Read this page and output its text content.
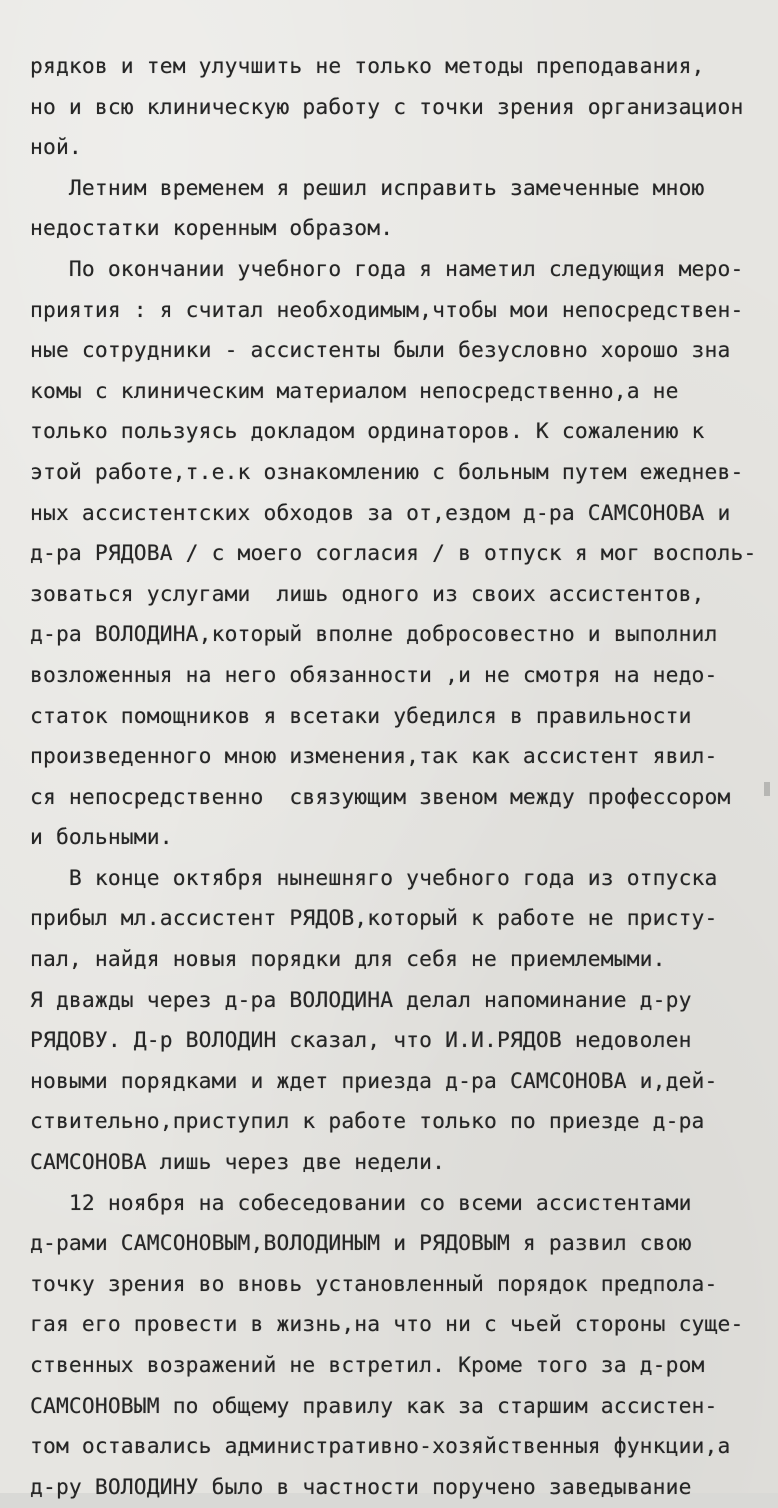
рядков и тем улучшить не только методы преподавания,
но и всю клиническую работу с точки зрения организацион
ной.
Летним временем я решил исправить замеченные мною
недостатки коренным образом.
По окончании учебного года я наметил следующия мерo-
приятия : я считал необходимым,чтобы мои непосредствен-
ные сотрудники - ассистенты были безусловно хорошо зна
комы с клиническим материалом непосредственно,а не
только пользуясь докладом ординаторов. К сожалению к
этой работе,т.е.к ознакомлению с больным путем ежеднев-
ных ассистентских обходов за от,ездом д-ра САМСОНОВА и
д-ра РЯДОВА / с моего согласия / в отпуск я мог восполь-
зоваться услугами  лишь одного из своих ассистентов,
д-ра ВОЛОДИНА,который вполне добросовестно и выполнил
возложенныя на него обязанности ,и не смотря на недо-
статок помощников я всетаки убедился в правильности
произведенного мною изменения,так как ассистент явил-
ся непосредственно  связующим звеном между профессором
и больными.
В конце октября нынешняго учебного года из отпуска
прибыл мл.ассистент РЯДОВ,который к работе не присту-
пал, найдя новыя порядки для себя не приемлемыми.
Я дважды через д-ра ВОЛОДИНА делал напоминание д-ру
РЯДОВУ. Д-р ВОЛОДИН сказал, что И.И.РЯДОВ недоволен
новыми порядками и ждет приезда д-ра САМСОНОВА и,дей-
ствительно,приступил к работе только по приезде д-ра
САМСОНОВА лишь через две недели.
12 ноября на собеседовании со всеми ассистентами
д-рами САМСОНОВЫМ,ВОЛОДИНЫМ и РЯДОВЫМ я развил свою
точку зрения во вновь установленный порядок предпола-
гая его провести в жизнь,на что ни с чьей стороны суще-
ственных возражений не встретил. Кроме того за д-ром
САМСОНОВЫМ по общему правилу как за старшим ассистен-
том оставались административно-хозяйственныя функции,а
д-ру ВОЛОДИНУ было в частности поручено заведывание
